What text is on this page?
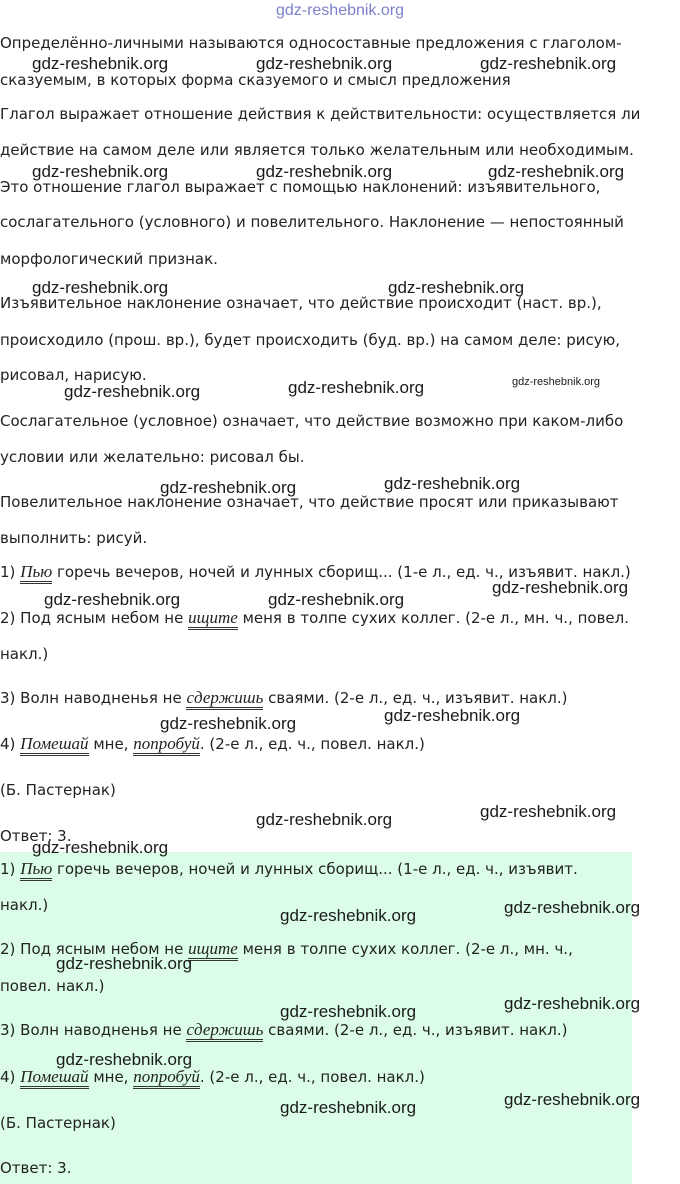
gdz-reshebnik.org
Определённо-личными называются односоставные предложения с глаголом-
сказуемым, в которых форма сказуемого и смысл предложения
Глагол выражает отношение действия к действительности: осуществляется ли
действие на самом деле или является только желательным или необходимым.
Это отношение глагол выражает с помощью наклонений: изъявительного,
сослагательного (условного) и повелительного. Наклонение — непостоянный
морфологический признак.
Изъявительное наклонение означает, что действие происходит (наст. вр.),
происходило (прош. вр.), будет происходить (буд. вр.) на самом деле: рисую,
рисовал, нарисую.
Сослагательное (условное) означает, что действие возможно при каком-либо
условии или желательно: рисовал бы.
Повелительное наклонение означает, что действие просят или приказывают
выполнить: рисуй.
1) Пью горечь вечеров, ночей и лунных сборищ... (1-е л., ед. ч., изъявит. накл.)
2) Под ясным небом не ищите меня в толпе сухих коллег. (2-е л., мн. ч., повел.
накл.)
3) Волн наводненья не сдержишь сваями. (2-е л., ед. ч., изъявит. накл.)
4) Помешай мне, попробуй. (2-е л., ед. ч., повел. накл.)
(Б. Пастернак)
Ответ: 3.
1) Пью горечь вечеров, ночей и лунных сборищ... (1-е л., ед. ч., изъявит.
накл.)
2) Под ясным небом не ищите меня в толпе сухих коллег. (2-е л., мн. ч.,
повел. накл.)
3) Волн наводненья не сдержишь сваями. (2-е л., ед. ч., изъявит. накл.)
4) Помешай мне, попробуй. (2-е л., ед. ч., повел. накл.)
(Б. Пастернак)
Ответ: 3.
gdz-reshebnik.org	gdz-reshebnik.org	gdz-reshebnik.org
gdz-reshebnik.org	gdz-reshebnik.org	gdz-reshebnik.org
gdz-reshebnik.org	gdz-reshebnik.org
gdz-reshebnik.org	gdz-reshebnik.org	gdz-reshebnik.org
gdz-reshebnik.org	gdz-reshebnik.org
gdz-reshebnik.org
gdz-reshebnik.org	gdz-reshebnik.org
gdz-reshebnik.org
gdz-reshebnik.org
gdz-reshebnik.org
gdz-reshebnik.org
gdz-reshebnik.org
gdz-reshebnik.org
gdz-reshebnik.org
gdz-reshebnik.org
gdz-reshebnik.org
gdz-reshebnik.org
gdz-reshebnik.org
gdz-reshebnik.org
gdz-reshebnik.org
